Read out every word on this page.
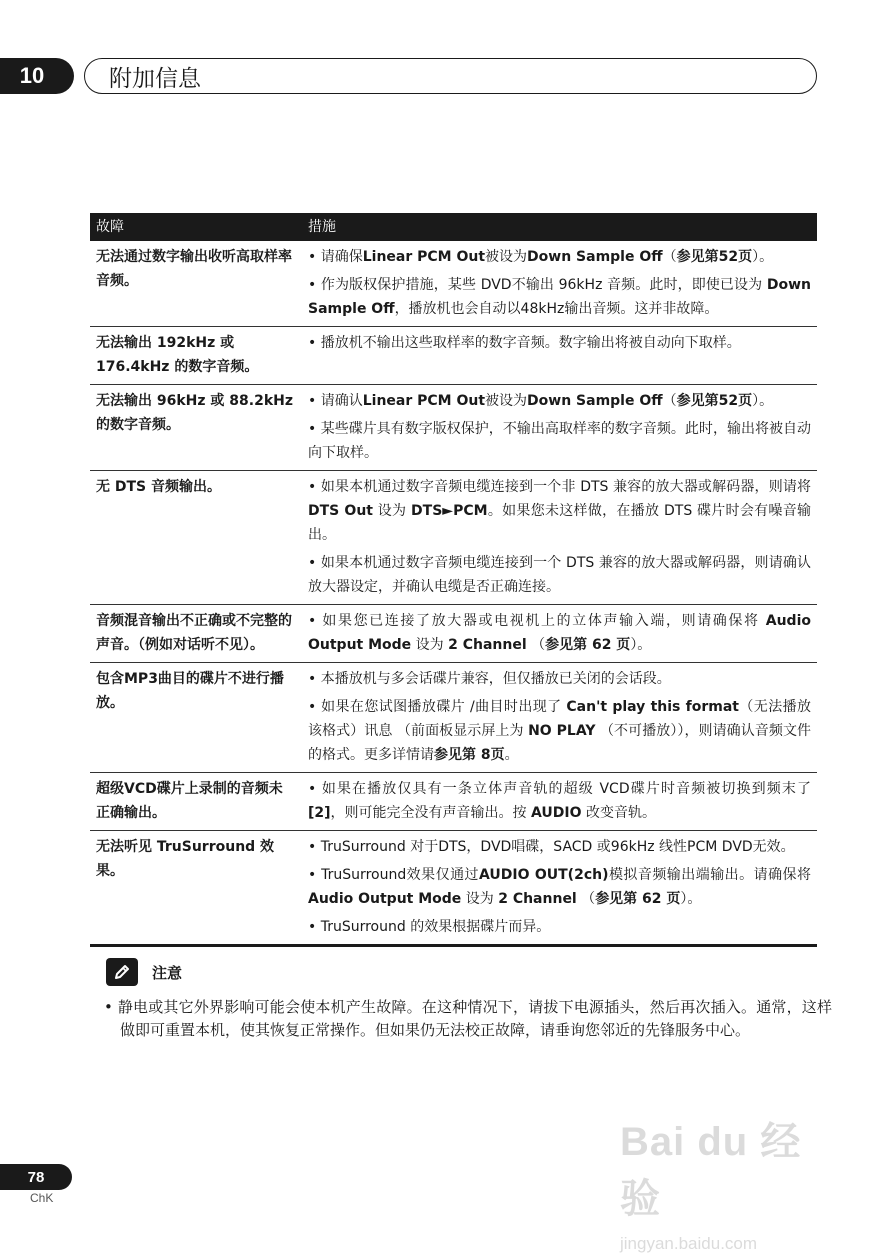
10	附加信息
故障	措施
无法通过数字输出收听高取样率音频。	• 请确保Linear PCM Out被设为Down Sample Off（参见第52页）。
• 作为版权保护措施，某些 DVD不输出 96kHz 音频。此时，即使已设为 Down Sample Off，播放机也会自动以48kHz输出音频。这并非故障。

无法输出 192kHz 或 176.4kHz 的数字音频。	• 播放机不输出这些取样率的数字音频。数字输出将被自动向下取样。

无法输出 96kHz 或 88.2kHz 的数字音频。	• 请确认Linear PCM Out被设为Down Sample Off（参见第52页）。
• 某些碟片具有数字版权保护，不输出高取样率的数字音频。此时，输出将被自动向下取样。

无 DTS 音频输出。	• 如果本机通过数字音频电缆连接到一个非 DTS 兼容的放大器或解码器，则请将 DTS Out 设为 DTS►PCM。如果您未这样做，在播放 DTS 碟片时会有噪音输出。
• 如果本机通过数字音频电缆连接到一个 DTS 兼容的放大器或解码器，则请确认放大器设定，并确认电缆是否正确连接。

音频混音输出不正确或不完整的声音。（例如对话听不见）。	• 如果您已连接了放大器或电视机上的立体声输入端，则请确保将 Audio Output Mode 设为 2 Channel （参见第 62 页）。

包含MP3曲目的碟片不进行播放。	• 本播放机与多会话碟片兼容，但仅播放已关闭的会话段。
• 如果在您试图播放碟片 /曲目时出现了 Can't play this format（无法播放该格式）讯息 （前面板显示屏上为 NO PLAY （不可播放）），则请确认音频文件的格式。更多详情请参见第 8页。

超级VCD碟片上录制的音频未正确输出。	• 如果在播放仅具有一条立体声音轨的超级 VCD碟片时音频被切换到频末了 [2]，则可能完全没有声音输出。按 AUDIO 改变音轨。

无法听见 TruSurround 效果。	• TruSurround 对于DTS，DVD唱碟，SACD 或96kHz 线性PCM DVD无效。
• TruSurround效果仅通过AUDIO OUT(2ch)模拟音频输出端输出。请确保将 Audio Output Mode 设为 2 Channel （参见第 62 页）。
• TruSurround 的效果根据碟片而异。
注意
• 静电或其它外界影响可能会使本机产生故障。在这种情况下，请拔下电源插头，然后再次插入。通常，这样做即可重置本机，使其恢复正常操作。但如果仍无法校正故障，请垂询您邻近的先锋服务中心。
78
ChK
Bai du 经验
jingyan.baidu.com
